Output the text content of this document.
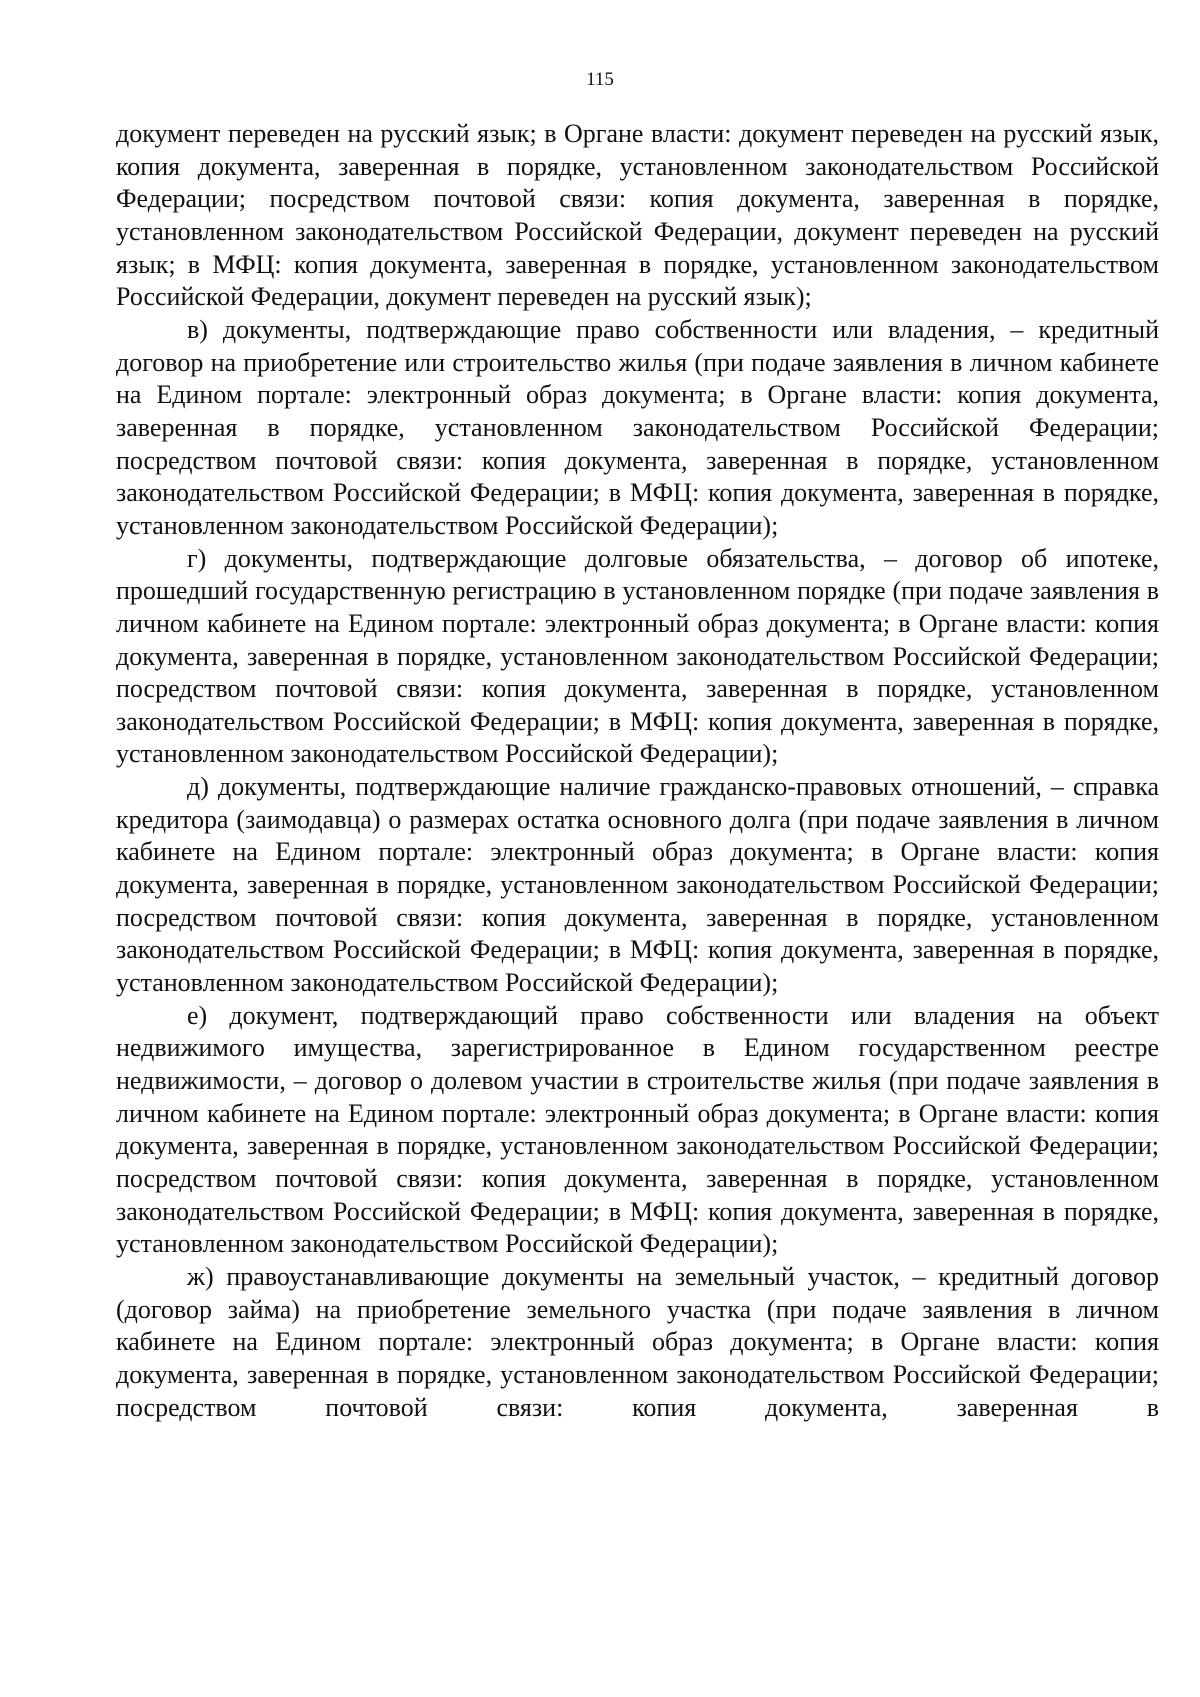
115

документ переведен на русский язык; в Органе власти: документ переведен на русский язык, копия документа, заверенная в порядке, установленном законодательством Российской Федерации; посредством почтовой связи: копия документа, заверенная в порядке, установленном законодательством Российской Федерации, документ переведен на русский язык; в МФЦ: копия документа, заверенная в порядке, установленном законодательством Российской Федерации, документ переведен на русский язык);

в) документы, подтверждающие право собственности или владения, – кредитный договор на приобретение или строительство жилья (при подаче заявления в личном кабинете на Едином портале: электронный образ документа; в Органе власти: копия документа, заверенная в порядке, установленном законодательством Российской Федерации; посредством почтовой связи: копия документа, заверенная в порядке, установленном законодательством Российской Федерации; в МФЦ: копия документа, заверенная в порядке, установленном законодательством Российской Федерации);

г) документы, подтверждающие долговые обязательства, – договор об ипотеке, прошедший государственную регистрацию в установленном порядке (при подаче заявления в личном кабинете на Едином портале: электронный образ документа; в Органе власти: копия документа, заверенная в порядке, установленном законодательством Российской Федерации; посредством почтовой связи: копия документа, заверенная в порядке, установленном законодательством Российской Федерации; в МФЦ: копия документа, заверенная в порядке, установленном законодательством Российской Федерации);

д) документы, подтверждающие наличие гражданско-правовых отношений, – справка кредитора (заимодавца) о размерах остатка основного долга (при подаче заявления в личном кабинете на Едином портале: электронный образ документа; в Органе власти: копия документа, заверенная в порядке, установленном законодательством Российской Федерации; посредством почтовой связи: копия документа, заверенная в порядке, установленном законодательством Российской Федерации; в МФЦ: копия документа, заверенная в порядке, установленном законодательством Российской Федерации);

е) документ, подтверждающий право собственности или владения на объект недвижимого имущества, зарегистрированное в Едином государственном реестре недвижимости, – договор о долевом участии в строительстве жилья (при подаче заявления в личном кабинете на Едином портале: электронный образ документа; в Органе власти: копия документа, заверенная в порядке, установленном законодательством Российской Федерации; посредством почтовой связи: копия документа, заверенная в порядке, установленном законодательством Российской Федерации; в МФЦ: копия документа, заверенная в порядке, установленном законодательством Российской Федерации);

ж) правоустанавливающие документы на земельный участок, – кредитный договор (договор займа) на приобретение земельного участка (при подаче заявления в личном кабинете на Едином портале: электронный образ документа; в Органе власти: копия документа, заверенная в порядке, установленном законодательством Российской Федерации; посредством почтовой связи: копия документа, заверенная в
